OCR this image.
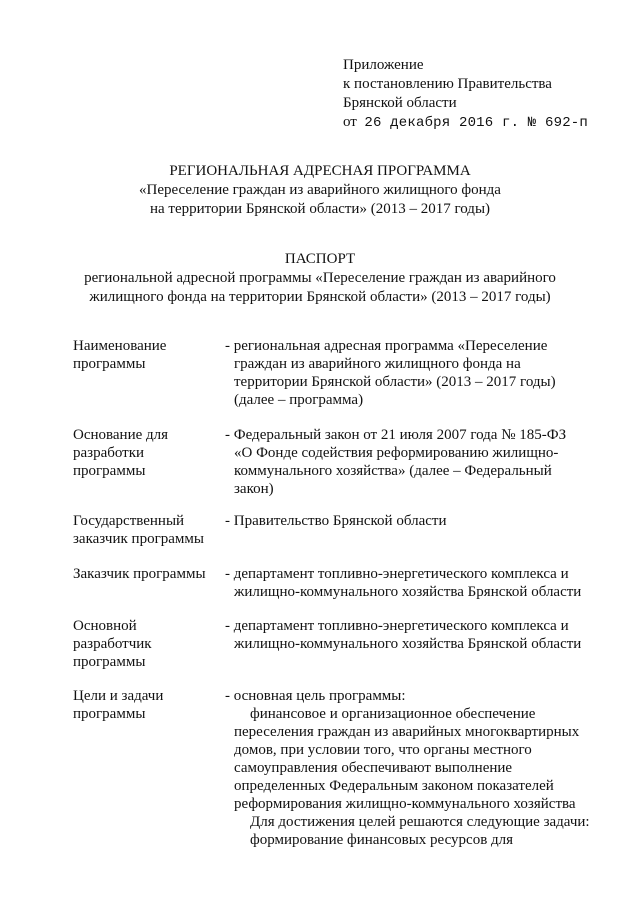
Приложение
к постановлению Правительства
Брянской области
от 26 декабря 2016 г. № 692-п
РЕГИОНАЛЬНАЯ АДРЕСНАЯ ПРОГРАММА
«Переселение граждан из аварийного жилищного фонда
на территории Брянской области» (2013 – 2017 годы)
ПАСПОРТ
региональной адресной программы «Переселение граждан из аварийного
жилищного фонда на территории Брянской области» (2013 – 2017 годы)
Наименование
программы
- региональная адресная программа «Переселение
граждан из аварийного жилищного фонда на
территории Брянской области» (2013 – 2017 годы)
(далее – программа)
Основание для
разработки
программы
- Федеральный закон от 21 июля 2007 года № 185-ФЗ
«О Фонде содействия реформированию жилищно-
коммунального хозяйства» (далее – Федеральный
закон)
Государственный
заказчик программы
- Правительство Брянской области
Заказчик программы	- департамент топливно-энергетического комплекса и
жилищно-коммунального хозяйства Брянской области
Основной
разработчик
программы
- департамент топливно-энергетического комплекса и
жилищно-коммунального хозяйства Брянской области
Цели и задачи
программы
- основная цель программы:
финансовое и организационное обеспечение
переселения граждан из аварийных многоквартирных
домов, при условии того, что органы местного
самоуправления обеспечивают выполнение
определенных Федеральным законом показателей
реформирования жилищно-коммунального хозяйства
Для достижения целей решаются следующие задачи:
формирование финансовых ресурсов для
